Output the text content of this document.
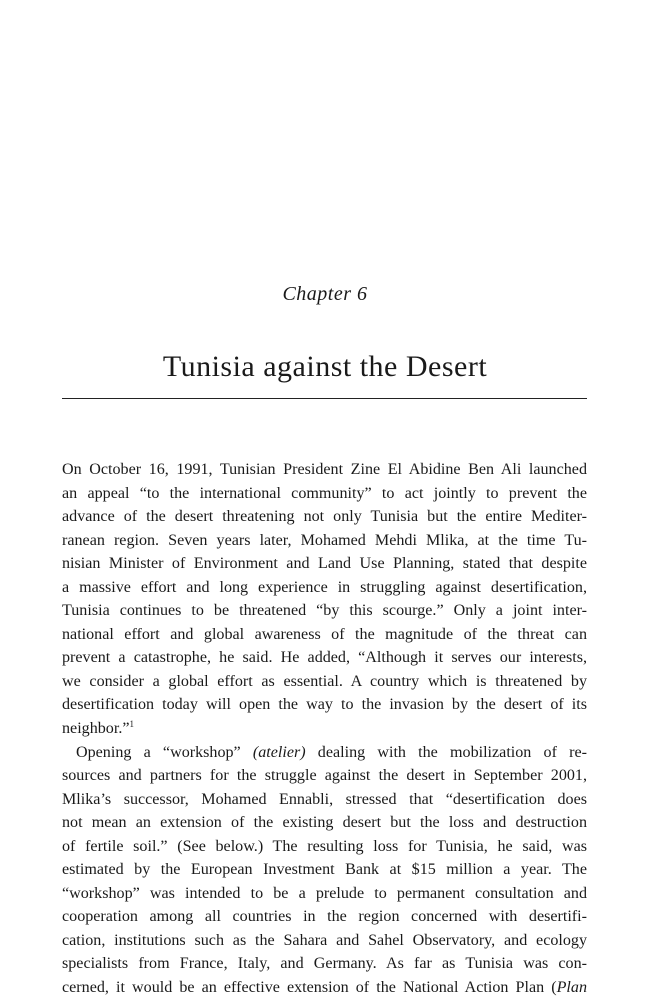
Chapter 6
Tunisia against the Desert
On October 16, 1991, Tunisian President Zine El Abidine Ben Ali launched
an appeal “to the international community” to act jointly to prevent the
advance of the desert threatening not only Tunisia but the entire Mediter-
ranean region. Seven years later, Mohamed Mehdi Mlika, at the time Tu-
nisian Minister of Environment and Land Use Planning, stated that despite
a massive effort and long experience in struggling against desertification,
Tunisia continues to be threatened “by this scourge.” Only a joint inter-
national effort and global awareness of the magnitude of the threat can
prevent a catastrophe, he said. He added, “Although it serves our interests,
we consider a global effort as essential. A country which is threatened by
desertification today will open the way to the invasion by the desert of its
neighbor.”$^1$
Opening a “workshop” (atelier) dealing with the mobilization of re-
sources and partners for the struggle against the desert in September 2001,
Mlika’s successor, Mohamed Ennabli, stressed that “desertification does
not mean an extension of the existing desert but the loss and destruction
of fertile soil.” (See below.) The resulting loss for Tunisia, he said, was
estimated by the European Investment Bank at $15 million a year. The
“workshop” was intended to be a prelude to permanent consultation and
cooperation among all countries in the region concerned with desertifi-
cation, institutions such as the Sahara and Sahel Observatory, and ecology
specialists from France, Italy, and Germany. As far as Tunisia was con-
cerned, it would be an effective extension of the National Action Plan (Plan
